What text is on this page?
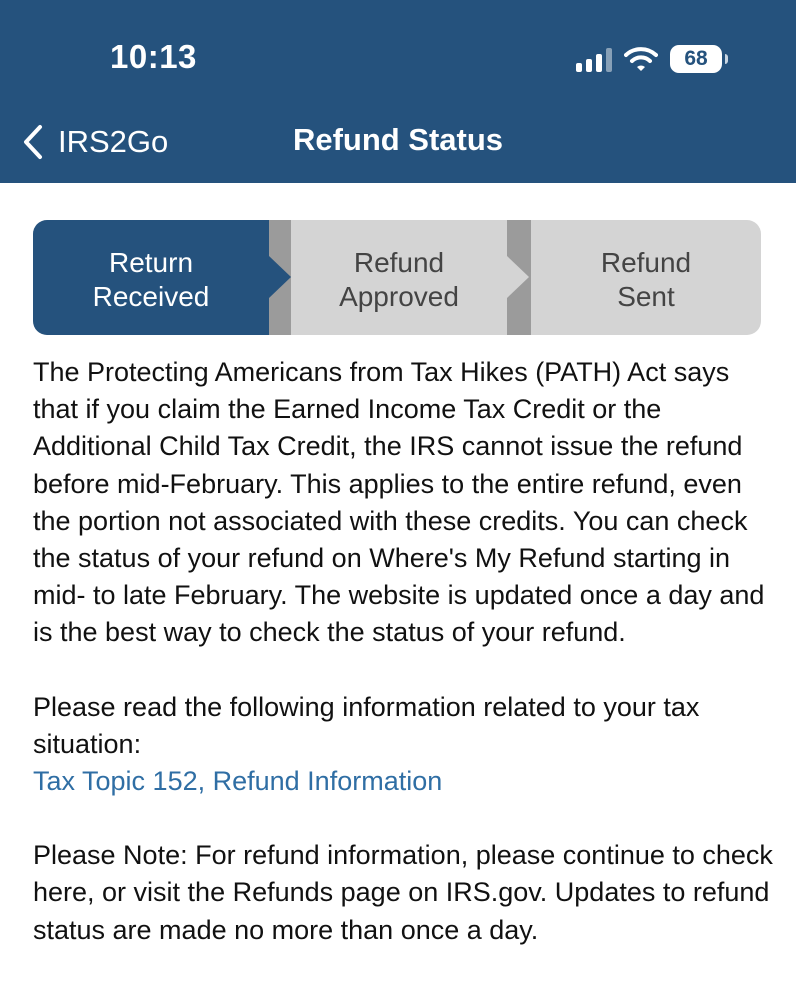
10:13	68
IRS2Go	Refund Status
Return
Received
Refund
Approved
Refund
Sent

The Protecting Americans from Tax Hikes (PATH) Act says that if you claim the Earned Income Tax Credit or the Additional Child Tax Credit, the IRS cannot issue the refund before mid-February. This applies to the entire refund, even the portion not associated with these credits. You can check the status of your refund on Where's My Refund starting in mid- to late February. The website is updated once a day and is the best way to check the status of your refund.

Please read the following information related to your tax situation:

Tax Topic 152, Refund Information

Please Note: For refund information, please continue to check here, or visit the Refunds page on IRS.gov. Updates to refund status are made no more than once a day.
